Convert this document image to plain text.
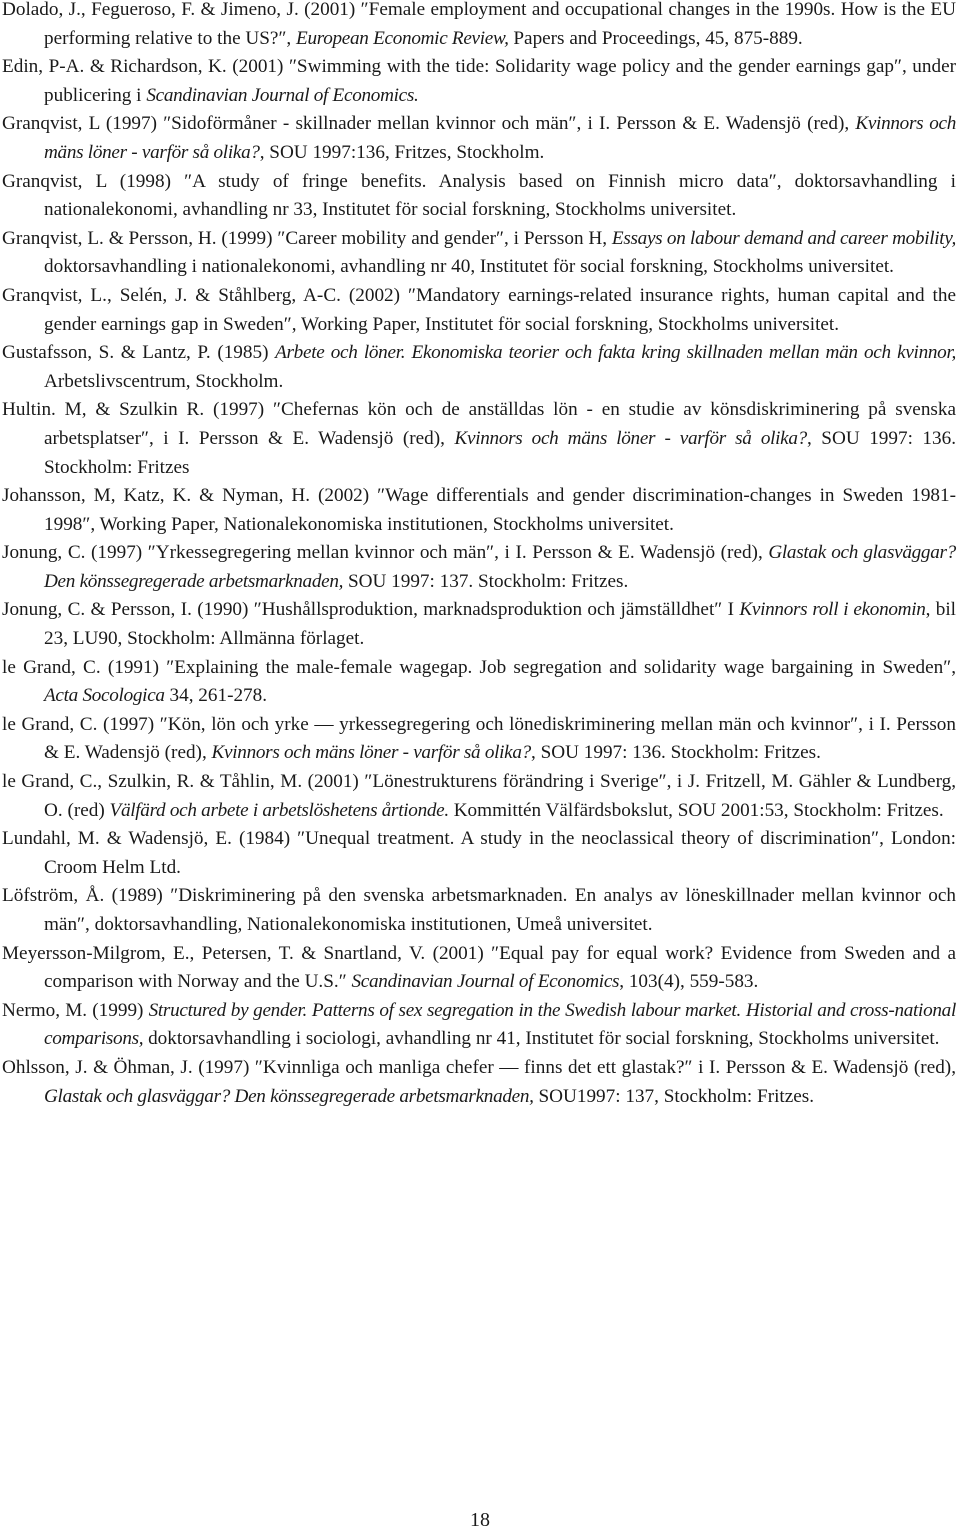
Dolado, J., Fegueroso, F. & Jimeno, J. (2001) ″Female employment and occupational changes in the 1990s. How is the EU performing relative to the US?″, European Economic Review, Papers and Proceedings, 45, 875-889.

Edin, P-A. & Richardson, K. (2001) ″Swimming with the tide: Solidarity wage policy and the gender earnings gap″, under publicering i Scandinavian Journal of Economics.

Granqvist, L (1997) ″Sidoförmåner - skillnader mellan kvinnor och män″, i I. Persson & E. Wadensjö (red), Kvinnors och mäns löner - varför så olika?, SOU 1997:136, Fritzes, Stockholm.

Granqvist, L (1998) ″A study of fringe benefits. Analysis based on Finnish micro data″, doktorsavhandling i nationalekonomi, avhandling nr 33, Institutet för social forskning, Stockholms universitet.

Granqvist, L. & Persson, H. (1999) ″Career mobility and gender″, i Persson H, Essays on labour demand and career mobility, doktorsavhandling i nationalekonomi, avhandling nr 40, Institutet för social forskning, Stockholms universitet.

Granqvist, L., Selén, J. & Ståhlberg, A-C. (2002) ″Mandatory earnings-related insurance rights, human capital and the gender earnings gap in Sweden″, Working Paper, Institutet för social forskning, Stockholms universitet.

Gustafsson, S. & Lantz, P. (1985) Arbete och löner. Ekonomiska teorier och fakta kring skillnaden mellan män och kvinnor, Arbetslivscentrum, Stockholm.

Hultin. M, & Szulkin R. (1997) ″Chefernas kön och de anställdas lön - en studie av könsdiskriminering på svenska arbetsplatser″, i I. Persson & E. Wadensjö (red), Kvinnors och mäns löner - varför så olika?, SOU 1997: 136. Stockholm: Fritzes

Johansson, M, Katz, K. & Nyman, H. (2002) ″Wage differentials and gender discrimination-changes in Sweden 1981-1998″, Working Paper, Nationalekonomiska institutionen, Stockholms universitet.

Jonung, C. (1997) ″Yrkessegregering mellan kvinnor och män″, i I. Persson & E. Wadensjö (red), Glastak och glasväggar? Den könssegregerade arbetsmarknaden, SOU 1997: 137. Stockholm: Fritzes.

Jonung, C. & Persson, I. (1990) ″Hushållsproduktion, marknadsproduktion och jämställdhet″ I Kvinnors roll i ekonomin, bil 23, LU90, Stockholm: Allmänna förlaget.

le Grand, C. (1991) ″Explaining the male-female wagegap. Job segregation and solidarity wage bargaining in Sweden″, Acta Socologica 34, 261-278.

le Grand, C. (1997) ″Kön, lön och yrke — yrkessegregering och lönediskriminering mellan män och kvinnor″, i I. Persson & E. Wadensjö (red), Kvinnors och mäns löner - varför så olika?, SOU 1997: 136. Stockholm: Fritzes.

le Grand, C., Szulkin, R. & Tåhlin, M. (2001) ″Lönestrukturens förändring i Sverige″, i J. Fritzell, M. Gähler & Lundberg, O. (red) Välfärd och arbete i arbetslöshetens årtionde. Kommittén Välfärdsbokslut, SOU 2001:53, Stockholm: Fritzes.

Lundahl, M. & Wadensjö, E. (1984) ″Unequal treatment. A study in the neoclassical theory of discrimination″, London: Croom Helm Ltd.

Löfström, Å. (1989) ″Diskriminering på den svenska arbetsmarknaden. En analys av löneskillnader mellan kvinnor och män″, doktorsavhandling, Nationalekonomiska institutionen, Umeå universitet.

Meyersson-Milgrom, E., Petersen, T. & Snartland, V. (2001) ″Equal pay for equal work? Evidence from Sweden and a comparison with Norway and the U.S.″ Scandinavian Journal of Economics, 103(4), 559-583.

Nermo, M. (1999) Structured by gender. Patterns of sex segregation in the Swedish labour market. Historial and cross-national comparisons, doktorsavhandling i sociologi, avhandling nr 41, Institutet för social forskning, Stockholms universitet.

Ohlsson, J. & Öhman, J. (1997) ″Kvinnliga och manliga chefer — finns det ett glastak?″ i I. Persson & E. Wadensjö (red), Glastak och glasväggar? Den könssegregerade arbetsmarknaden, SOU1997: 137, Stockholm: Fritzes.

18
